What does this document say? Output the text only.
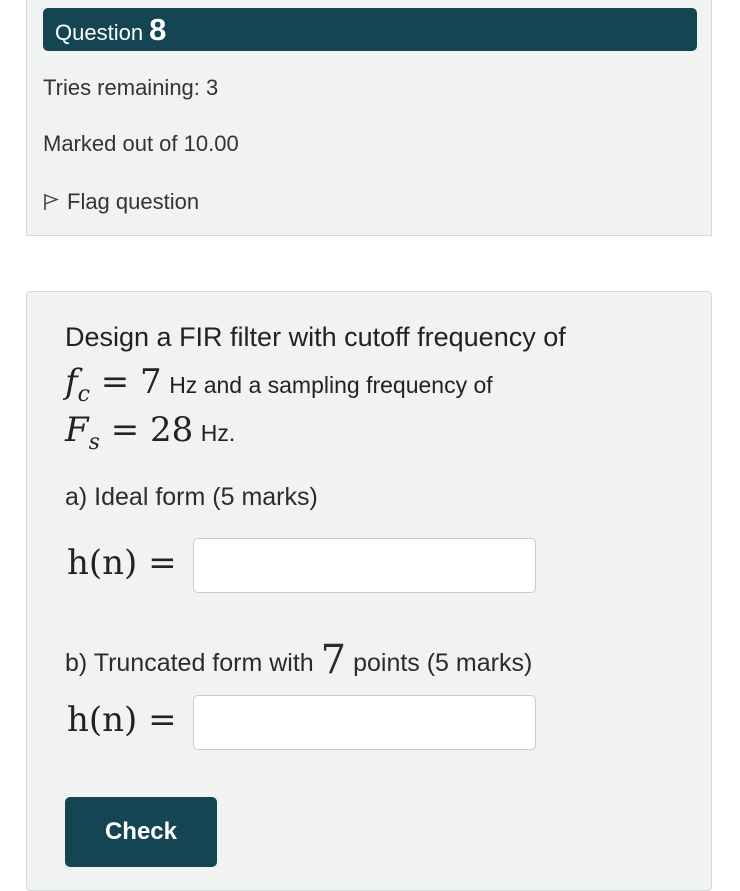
Question 8
Tries remaining: 3
Marked out of 10.00
Flag question
Design a FIR filter with cutoff frequency of
$f_c = 7$ Hz and a sampling frequency of
$F_s = 28$ Hz.
a) Ideal form (5 marks)
h(n) =
b) Truncated form with 7 points (5 marks)
h(n) =
Check
